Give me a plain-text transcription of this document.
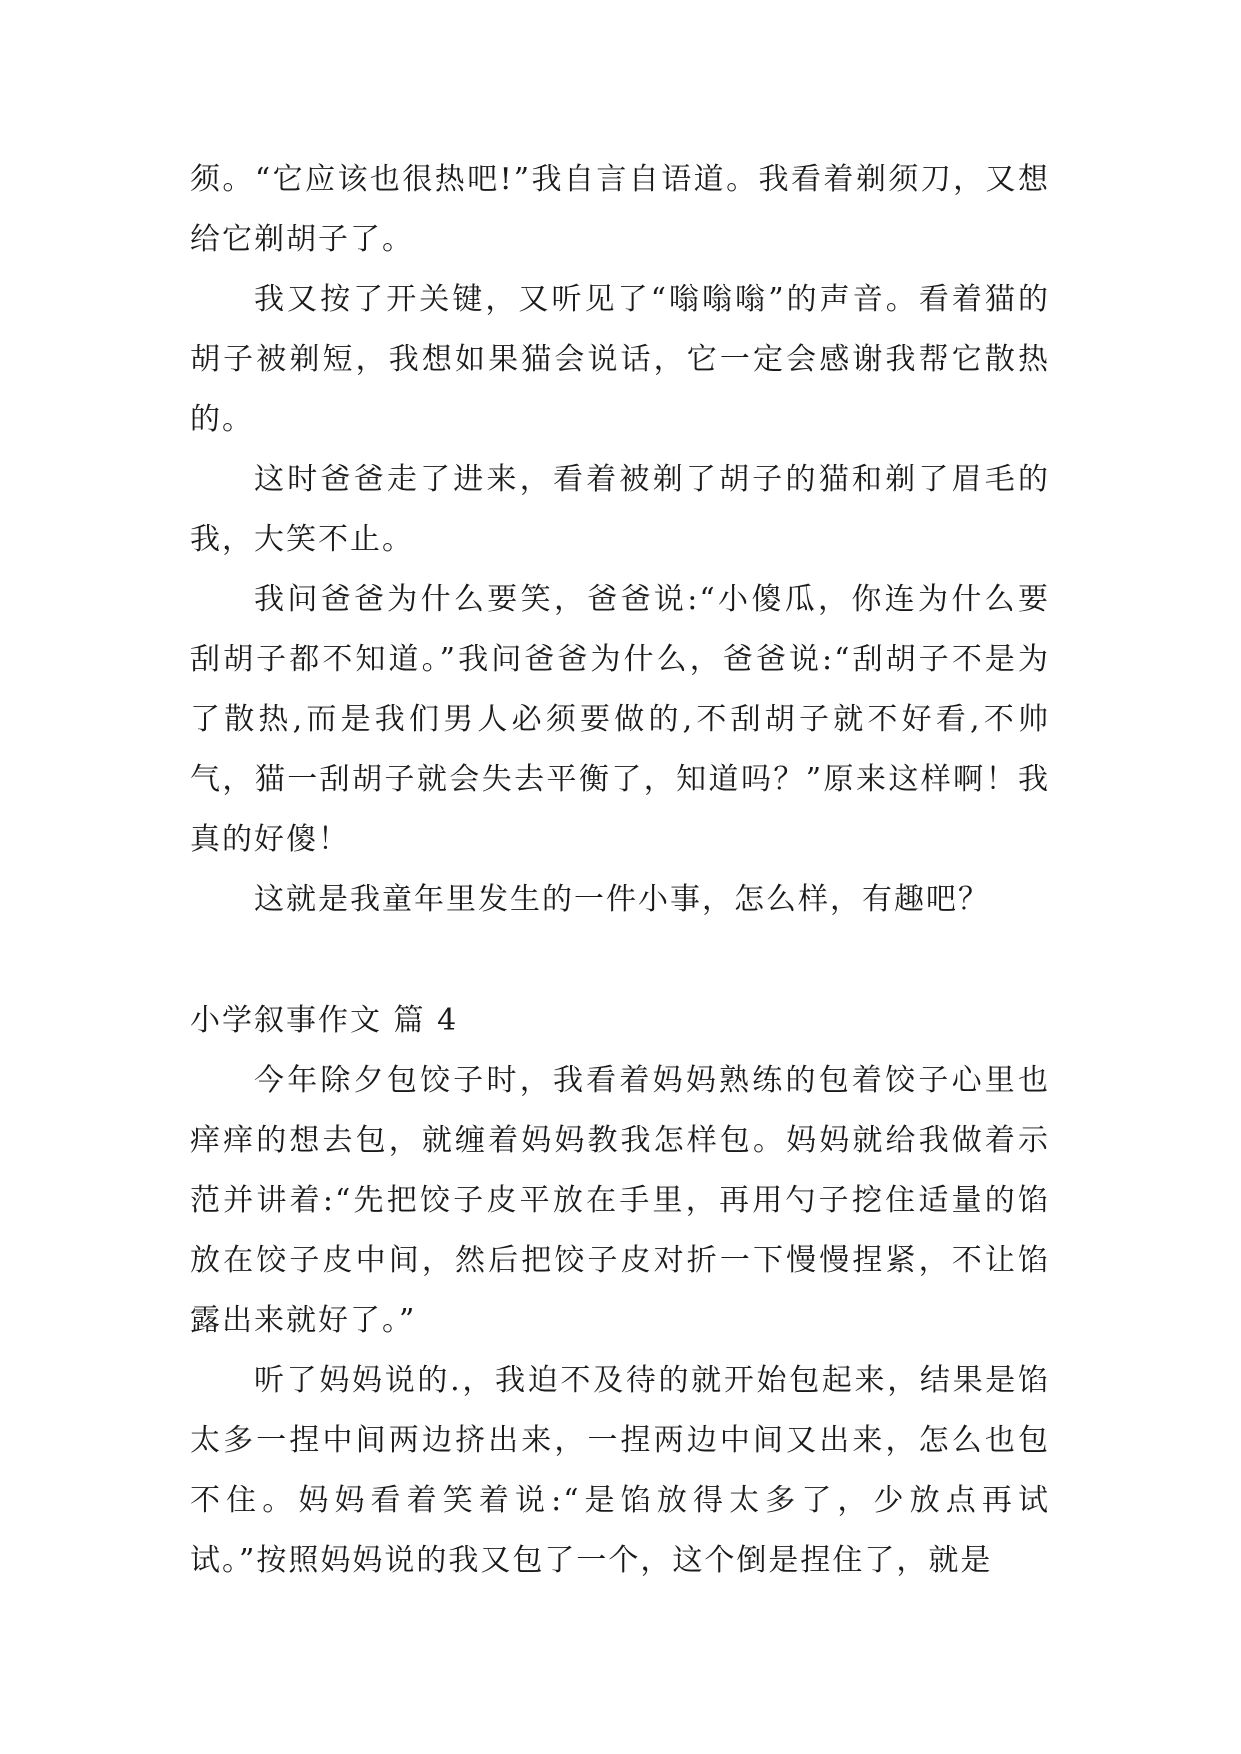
须。“它应该也很热吧!”我自言自语道。我看着剃须刀，又想给它剃胡子了。

我又按了开关键，又听见了“嗡嗡嗡”的声音。看着猫的胡子被剃短，我想如果猫会说话，它一定会感谢我帮它散热的。

这时爸爸走了进来，看着被剃了胡子的猫和剃了眉毛的我，大笑不止。

我问爸爸为什么要笑，爸爸说:“小傻瓜，你连为什么要刮胡子都不知道。”我问爸爸为什么，爸爸说:“刮胡子不是为了散热,而是我们男人必须要做的,不刮胡子就不好看,不帅气，猫一刮胡子就会失去平衡了，知道吗？”原来这样啊！我真的好傻！

这就是我童年里发生的一件小事，怎么样，有趣吧？

小学叙事作文 篇 4

今年除夕包饺子时，我看着妈妈熟练的包着饺子心里也痒痒的想去包，就缠着妈妈教我怎样包。妈妈就给我做着示范并讲着:“先把饺子皮平放在手里，再用勺子挖住适量的馅放在饺子皮中间，然后把饺子皮对折一下慢慢捏紧，不让馅露出来就好了。”

听了妈妈说的.，我迫不及待的就开始包起来，结果是馅太多一捏中间两边挤出来，一捏两边中间又出来，怎么也包不住。妈妈看着笑着说:“是馅放得太多了，少放点再试试。”按照妈妈说的我又包了一个，这个倒是捏住了，就是
